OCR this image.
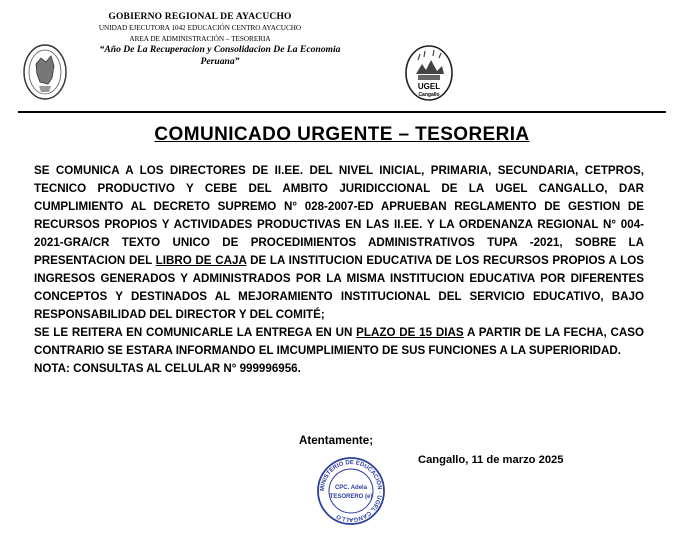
GOBIERNO REGIONAL DE AYACUCHO
UNIDAD EJECUTORA 1042 EDUCACIÓN CENTRO AYACUCHO
AREA DE ADMINISTRACIÓN – TESORERIA
“Año De La Recuperacion y Consolidacion De La Economia
Peruana”
UGEL
Cangallo
COMUNICADO URGENTE – TESORERIA

SE COMUNICA A LOS DIRECTORES DE II.EE. DEL NIVEL INICIAL, PRIMARIA, SECUNDARIA, CETPROS, TECNICO PRODUCTIVO Y CEBE DEL AMBITO JURIDICCIONAL DE LA UGEL CANGALLO, DAR CUMPLIMIENTO AL DECRETO SUPREMO N° 028-2007-ED APRUEBAN REGLAMENTO DE GESTION DE RECURSOS PROPIOS Y ACTIVIDADES PRODUCTIVAS EN LAS II.EE. Y LA ORDENANZA REGIONAL N° 004-2021-GRA/CR TEXTO UNICO DE PROCEDIMIENTOS ADMINISTRATIVOS TUPA -2021, SOBRE LA PRESENTACION DEL LIBRO DE CAJA DE LA INSTITUCION EDUCATIVA DE LOS RECURSOS PROPIOS A LOS INGRESOS GENERADOS Y ADMINISTRADOS POR LA MISMA INSTITUCION EDUCATIVA POR DIFERENTES CONCEPTOS Y DESTINADOS AL MEJORAMIENTO INSTITUCIONAL DEL SERVICIO EDUCATIVO, BAJO RESPONSABILIDAD DEL DIRECTOR Y DEL COMITÉ;

SE LE REITERA EN COMUNICARLE LA ENTREGA EN UN PLAZO DE 15 DIAS A PARTIR DE LA FECHA, CASO CONTRARIO SE ESTARA INFORMANDO EL IMCUMPLIMIENTO DE SUS FUNCIONES A LA SUPERIORIDAD.

NOTA: CONSULTAS AL CELULAR N° 999996956.

Atentamente;
Cangallo, 11 de marzo 2025
MINISTERIO DE EDUCACIÓN · UGEL CANGALLO
CPC. Adela
TESORERO (e)
